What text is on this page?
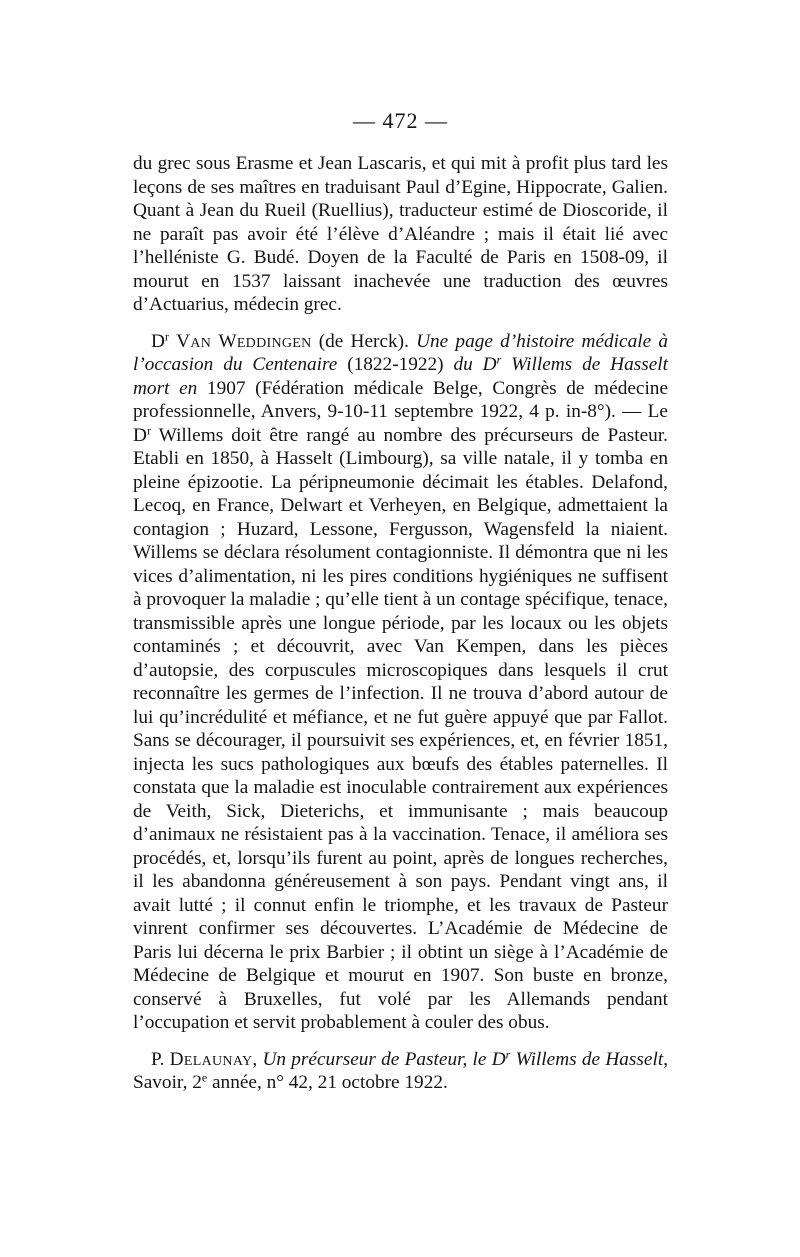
— 472 —

du grec sous Erasme et Jean Lascaris, et qui mit à profit plus tard les leçons de ses maîtres en traduisant Paul d’Egine, Hippocrate, Galien. Quant à Jean du Rueil (Ruellius), traducteur estimé de Dioscoride, il ne paraît pas avoir été l’élève d’Aléandre ; mais il était lié avec l’helléniste G. Budé. Doyen de la Faculté de Paris en 1508-09, il mourut en 1537 laissant inachevée une traduction des œuvres d’Actuarius, médecin grec.

$D^r$ Van Weddingen (de Herck). Une page d’histoire médicale à l’occasion du Centenaire (1822-1922) du $D^r$ Willems de Hasselt mort en 1907 (Fédération médicale Belge, Congrès de médecine professionnelle, Anvers, 9-10-11 septembre 1922, 4 p. in-8°). — Le $D^r$ Willems doit être rangé au nombre des précurseurs de Pasteur. Etabli en 1850, à Hasselt (Limbourg), sa ville natale, il y tomba en pleine épizootie. La péripneumonie décimait les étables. Delafond, Lecoq, en France, Delwart et Verheyen, en Belgique, admettaient la contagion ; Huzard, Lessone, Fergusson, Wagensfeld la niaient. Willems se déclara résolument contagionniste. Il démontra que ni les vices d’alimentation, ni les pires conditions hygiéniques ne suffisent à provoquer la maladie ; qu’elle tient à un contage spécifique, tenace, transmissible après une longue période, par les locaux ou les objets contaminés ; et découvrit, avec Van Kempen, dans les pièces d’autopsie, des corpuscules microscopiques dans lesquels il crut reconnaître les germes de l’infection. Il ne trouva d’abord autour de lui qu’incrédulité et méfiance, et ne fut guère appuyé que par Fallot. Sans se décourager, il poursuivit ses expériences, et, en février 1851, injecta les sucs pathologiques aux bœufs des étables paternelles. Il constata que la maladie est inoculable contrairement aux expériences de Veith, Sick, Dieterichs, et immunisante ; mais beaucoup d’animaux ne résistaient pas à la vaccination. Tenace, il améliora ses procédés, et, lorsqu’ils furent au point, après de longues recherches, il les abandonna généreusement à son pays. Pendant vingt ans, il avait lutté ; il connut enfin le triomphe, et les travaux de Pasteur vinrent confirmer ses découvertes. L’Académie de Médecine de Paris lui décerna le prix Barbier ; il obtint un siège à l’Académie de Médecine de Belgique et mourut en 1907. Son buste en bronze, conservé à Bruxelles, fut volé par les Allemands pendant l’occupation et servit probablement à couler des obus.

P. Delaunay, Un précurseur de Pasteur, le $D^r$ Willems de Hasselt, Savoir, 2e année, n° 42, 21 octobre 1922.
